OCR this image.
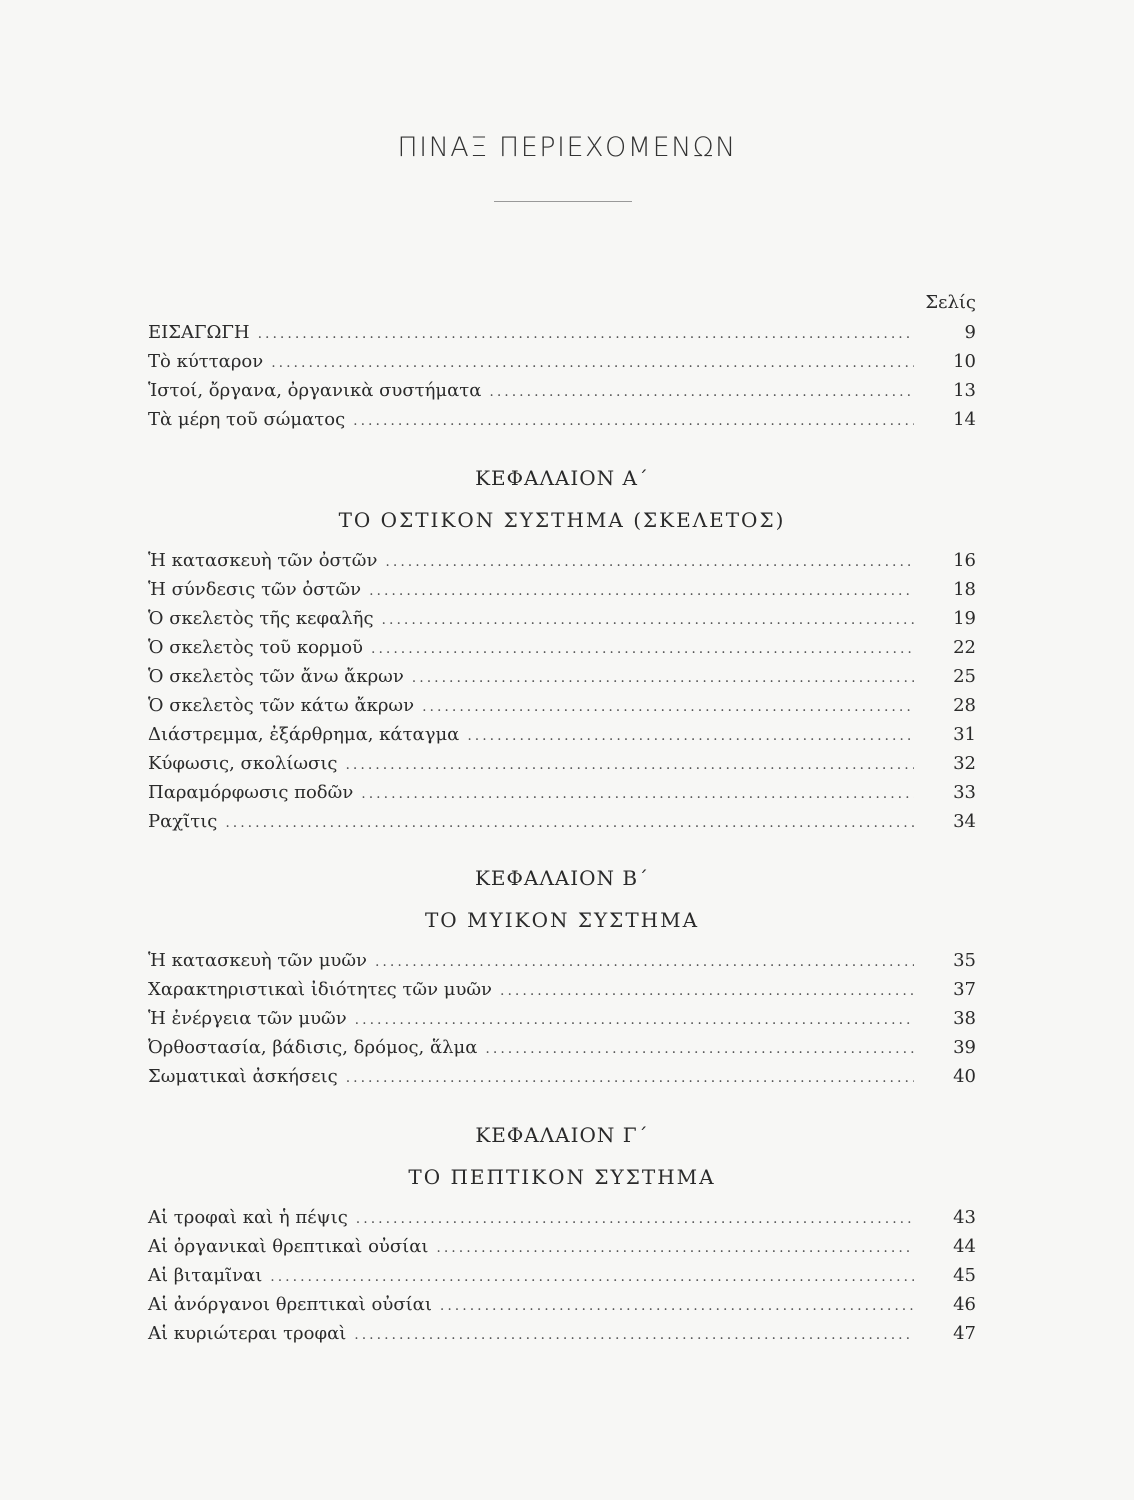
ΠΙΝΑΞ ΠΕΡΙΕΧΟΜΕΝΩΝ
Σελίς
ΕΙΣΑΓΩΓΗ .....	9
Τὸ κύτταρον .....	10
Ἱστοί, ὄργανα, ὀργανικὰ συστήματα .....	13
Τὰ μέρη τοῦ σώματος .....	14
ΚΕΦΑΛΑΙΟΝ Α΄
ΤΟ ΟΣΤΙΚΟΝ ΣΥΣΤΗΜΑ (ΣΚΕΛΕΤΟΣ)
Ἡ κατασκευὴ τῶν ὀστῶν .....	16
Ἡ σύνδεσις τῶν ὀστῶν .....	18
Ὁ σκελετὸς τῆς κεφαλῆς .....	19
Ὁ σκελετὸς τοῦ κορμοῦ .....	22
Ὁ σκελετὸς τῶν ἄνω ἄκρων .....	25
Ὁ σκελετὸς τῶν κάτω ἄκρων .....	28
Διάστρεμμα, ἐξάρθρημα, κάταγμα .....	31
Κύφωσις, σκολίωσις .....	32
Παραμόρφωσις ποδῶν .....	33
Ραχῖτις .....	34
ΚΕΦΑΛΑΙΟΝ Β΄
ΤΟ ΜΥΙΚΟΝ ΣΥΣΤΗΜΑ
Ἡ κατασκευὴ τῶν μυῶν .....	35
Χαρακτηριστικαὶ ἰδιότητες τῶν μυῶν .....	37
Ἡ ἐνέργεια τῶν μυῶν .....	38
Ὀρθοστασία, βάδισις, δρόμος, ἅλμα .....	39
Σωματικαὶ ἀσκήσεις .....	40
ΚΕΦΑΛΑΙΟΝ Γ΄
ΤΟ ΠΕΠΤΙΚΟΝ ΣΥΣΤΗΜΑ
Αἱ τροφαὶ καὶ ἡ πέψις .....	43
Αἱ ὀργανικαὶ θρεπτικαὶ οὐσίαι .....	44
Αἱ βιταμῖναι .....	45
Αἱ ἀνόργανοι θρεπτικαὶ οὐσίαι .....	46
Αἱ κυριώτεραι τροφαὶ .....	47
